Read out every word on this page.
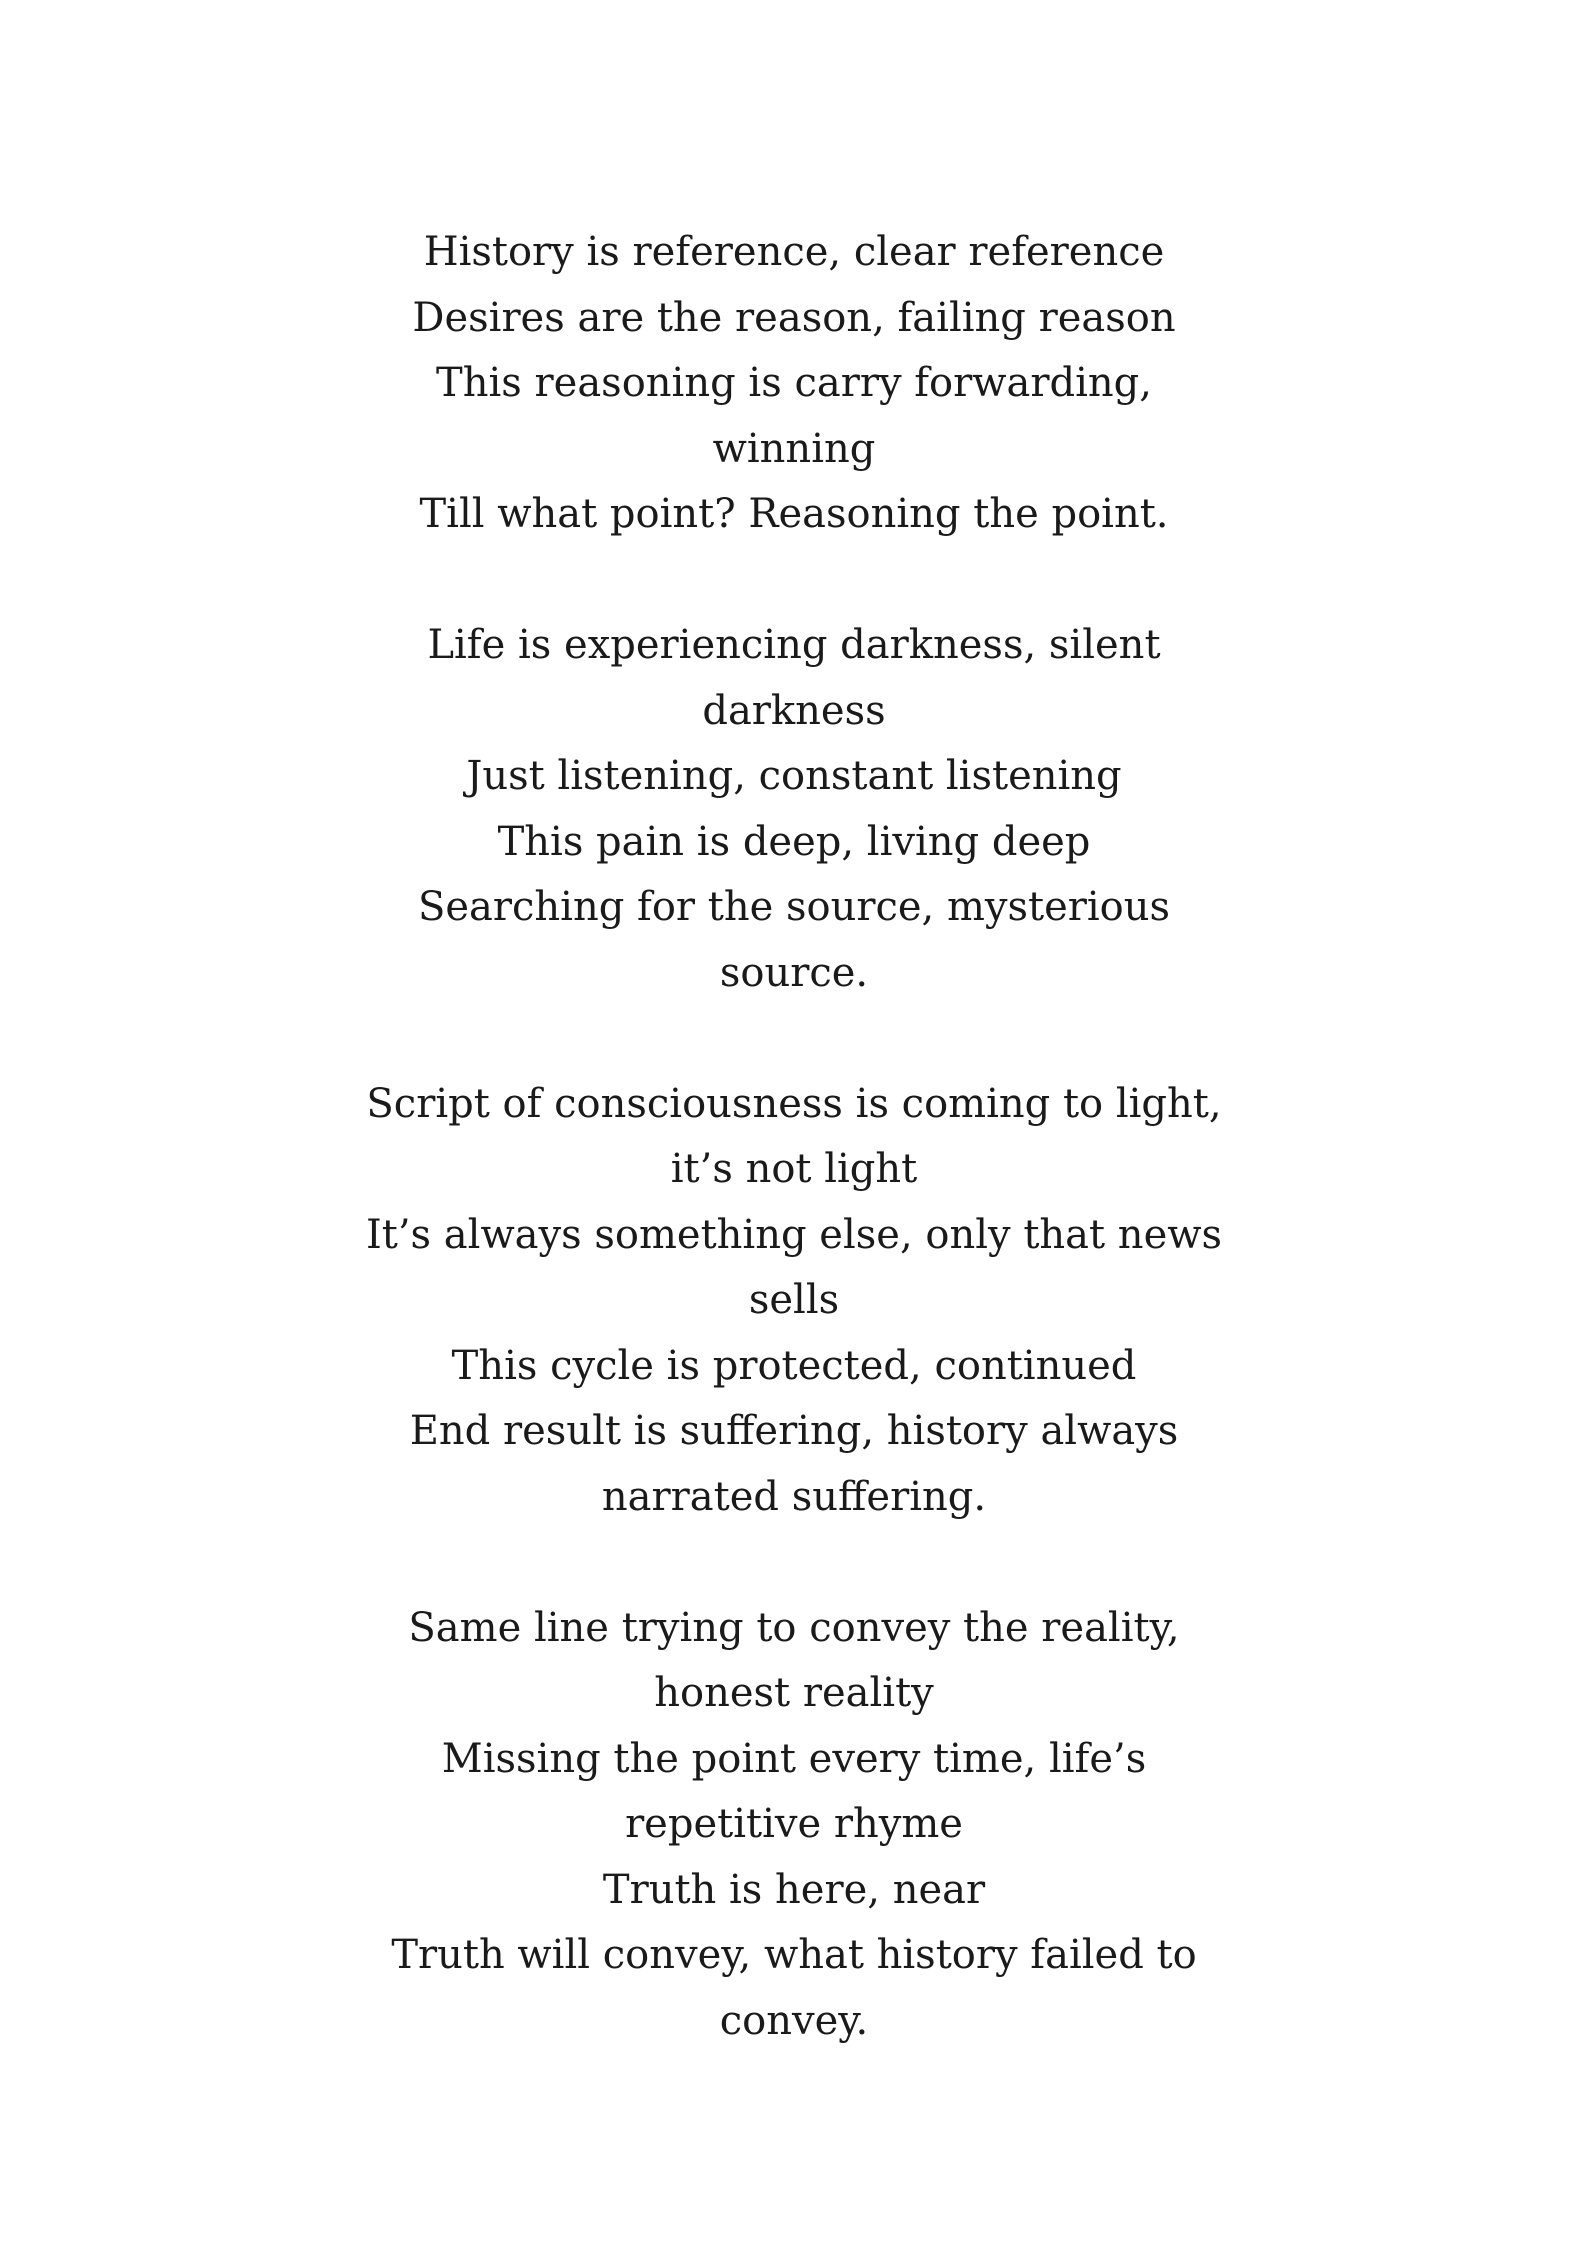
History is reference, clear reference
Desires are the reason, failing reason
This reasoning is carry forwarding,
winning
Till what point? Reasoning the point.
Life is experiencing darkness, silent
darkness
Just listening, constant listening
This pain is deep, living deep
Searching for the source, mysterious
source.
Script of consciousness is coming to light,
it’s not light
It’s always something else, only that news
sells
This cycle is protected, continued
End result is suffering, history always
narrated suffering.
Same line trying to convey the reality,
honest reality
Missing the point every time, life’s
repetitive rhyme
Truth is here, near
Truth will convey, what history failed to
convey.
